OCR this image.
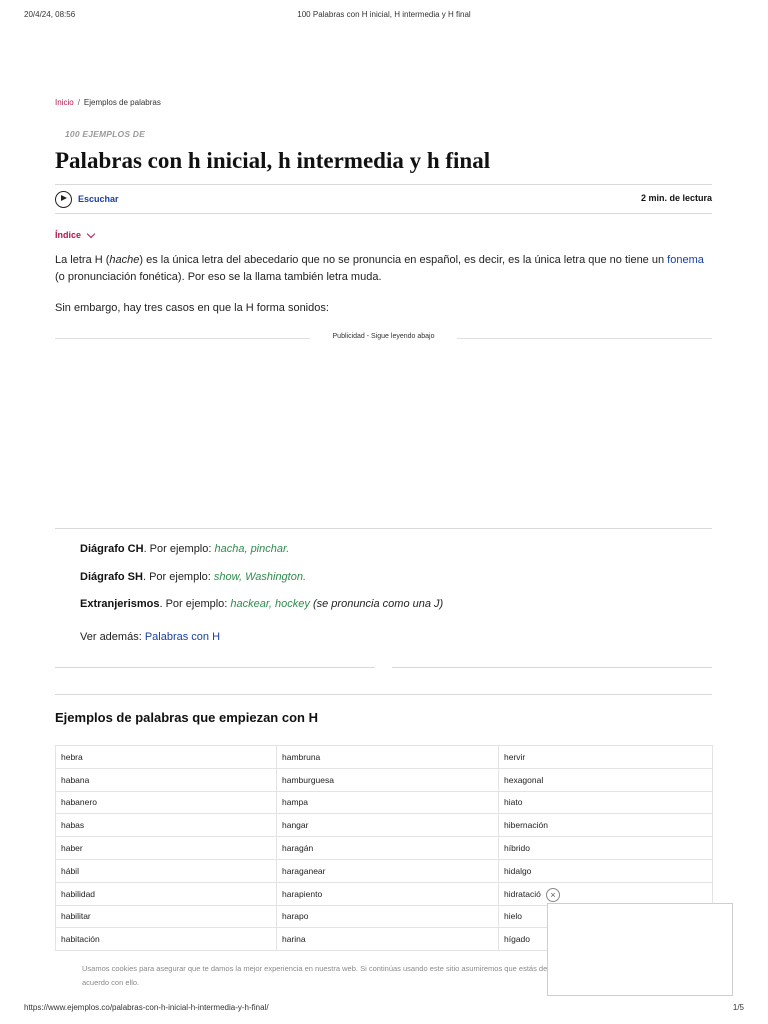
20/4/24, 08:56	100 Palabras con H inicial, H intermedia y H final
Inicio / Ejemplos de palabras
100 EJEMPLOS DE
Palabras con h inicial, h intermedia y h final
Escuchar	2 min. de lectura
Índice

La letra H (hache) es la única letra del abecedario que no se pronuncia en español, es decir, es la única letra que no tiene un fonema (o pronunciación fonética). Por eso se la llama también letra muda.

Sin embargo, hay tres casos en que la H forma sonidos:

Publicidad - Sigue leyendo abajo
Diágrafo CH. Por ejemplo: hacha, pinchar.
Diágrafo SH. Por ejemplo: show, Washington.
Extranjerismos. Por ejemplo: hackear, hockey (se pronuncia como una J)
Ver además: Palabras con H
Ejemplos de palabras que empiezan con H
hebra	hambruna	hervir
habana	hamburguesa	hexagonal
habanero	hampa	hiato
habas	hangar	hibernación
haber	haragán	híbrido
hábil	haraganear	hidalgo
habilidad	harapiento	hidratació
habilitar	harapo	hielo
habitación	harina	hígado

Usamos cookies para asegurar que te damos la mejor experiencia en nuestra web. Si continúas usando este sitio asumiremos que estás de acuerdo con ello.

×
https://www.ejemplos.co/palabras-con-h-inicial-h-intermedia-y-h-final/	1/5
